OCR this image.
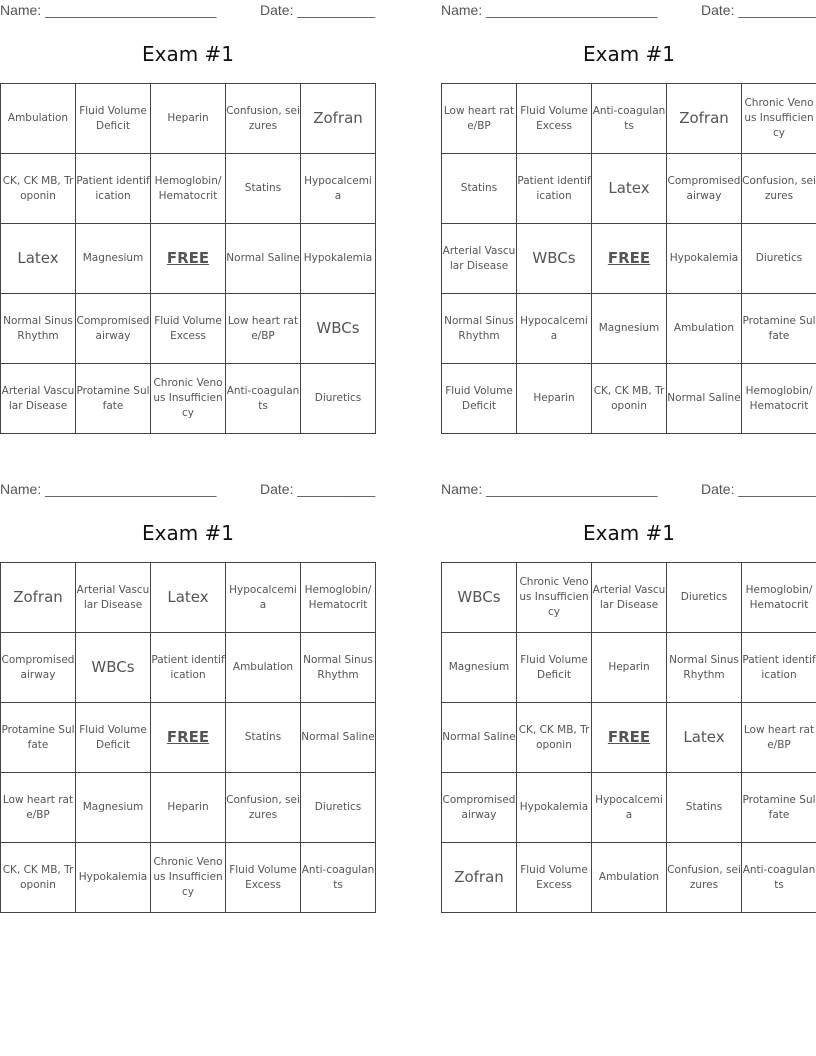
Name: ______________________	Date: __________
Exam #1
Ambulation	Fluid Volume Deficit	Heparin	Confusion, seizures	Zofran
CK, CK MB, Troponin	Patient identification	Hemoglobin/Hematocrit	Statins	Hypocalcemia
Latex	Magnesium	FREE	Normal Saline	Hypokalemia
Normal Sinus Rhythm	Compromised airway	Fluid Volume Excess	Low heart rate/BP	WBCs
Arterial Vascular Disease	Protamine Sulfate	Chronic Venous Insufficiency	Anti-coagulants	Diuretics
Name: ______________________	Date: __________
Exam #1
Low heart rate/BP	Fluid Volume Excess	Anti-coagulants	Zofran	Chronic Venous Insufficiency
Statins	Patient identification	Latex	Compromised airway	Confusion, seizures
Arterial Vascular Disease	WBCs	FREE	Hypokalemia	Diuretics
Normal Sinus Rhythm	Hypocalcemia	Magnesium	Ambulation	Protamine Sulfate
Fluid Volume Deficit	Heparin	CK, CK MB, Troponin	Normal Saline	Hemoglobin/Hematocrit
Name: ______________________	Date: __________
Exam #1
Zofran	Arterial Vascular Disease	Latex	Hypocalcemia	Hemoglobin/Hematocrit
Compromised airway	WBCs	Patient identification	Ambulation	Normal Sinus Rhythm
Protamine Sulfate	Fluid Volume Deficit	FREE	Statins	Normal Saline
Low heart rate/BP	Magnesium	Heparin	Confusion, seizures	Diuretics
CK, CK MB, Troponin	Hypokalemia	Chronic Venous Insufficiency	Fluid Volume Excess	Anti-coagulants
Name: ______________________	Date: __________
Exam #1
WBCs	Chronic Venous Insufficiency	Arterial Vascular Disease	Diuretics	Hemoglobin/Hematocrit
Magnesium	Fluid Volume Deficit	Heparin	Normal Sinus Rhythm	Patient identification
Normal Saline	CK, CK MB, Troponin	FREE	Latex	Low heart rate/BP
Compromised airway	Hypokalemia	Hypocalcemia	Statins	Protamine Sulfate
Zofran	Fluid Volume Excess	Ambulation	Confusion, seizures	Anti-coagulants
